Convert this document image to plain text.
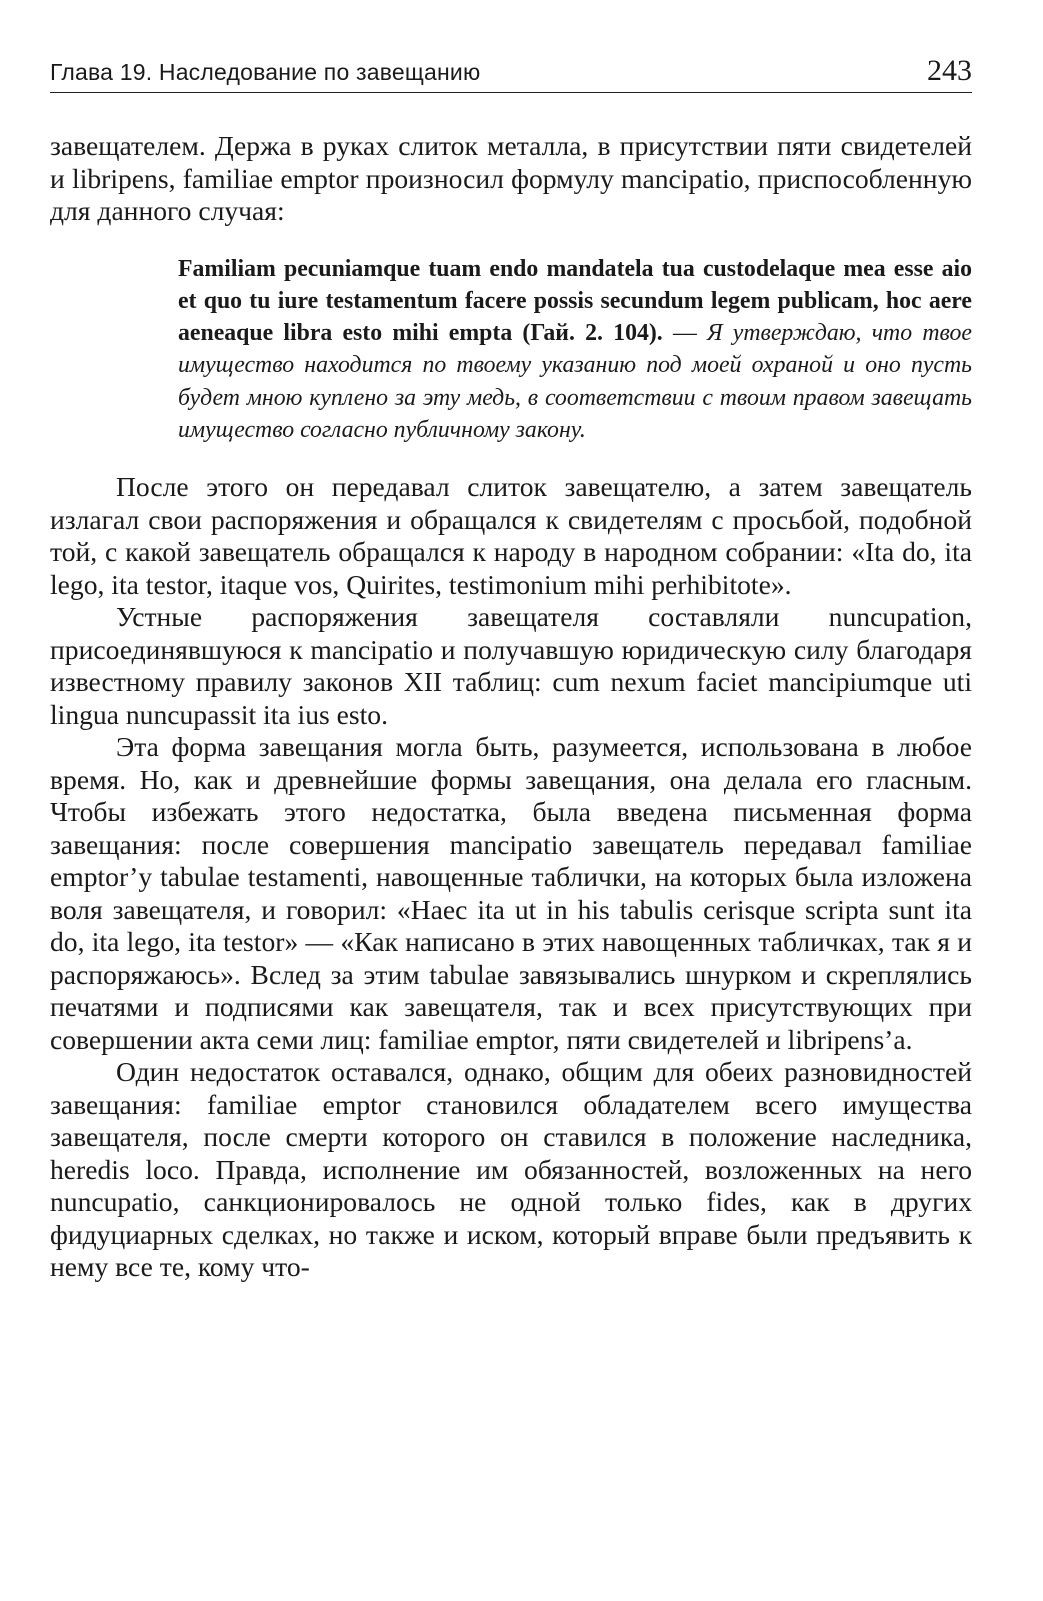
Глава 19. Наследование по завещанию	243

завещателем. Держа в руках слиток металла, в присутствии пяти свидетелей и libripens, familiae emptor произносил формулу mancipatio, приспособленную для данного случая:

Familiam pecuniamque tuam endo mandatela tua custodelaque mea esse aio et quo tu iure testamentum facere possis secundum legem publicam, hoc aere aeneaque libra esto mihi empta (Гай. 2. 104). — Я утверждаю, что твое имущество находится по твоему указанию под моей охраной и оно пусть будет мною куплено за эту медь, в соответствии с твоим правом завещать имущество согласно публичному закону.

После этого он передавал слиток завещателю, а затем завещатель излагал свои распоряжения и обращался к свидетелям с просьбой, подобной той, с какой завещатель обращался к народу в народном собрании: «Ita do, ita lego, ita testor, itaque vos, Quirites, testimonium mihi perhibitote».

Устные распоряжения завещателя составляли nuncupation, присоединявшуюся к mancipatio и получавшую юридическую силу благодаря известному правилу законов XII таблиц: cum nexum faciet mancipiumque uti lingua nuncupassit ita ius esto.

Эта форма завещания могла быть, разумеется, использована в любое время. Но, как и древнейшие формы завещания, она делала его гласным. Чтобы избежать этого недостатка, была введена письменная форма завещания: после совершения mancipatio завещатель передавал familiae emptor’y tabulae testamenti, навощенные таблички, на которых была изложена воля завещателя, и говорил: «Haec ita ut in his tabulis cerisque scripta sunt ita do, ita lego, ita testor» — «Как написано в этих навощенных табличках, так я и распоряжаюсь». Вслед за этим tabulae завязывались шнурком и скреплялись печатями и подписями как завещателя, так и всех присутствующих при совершении акта семи лиц: familiae emptor, пяти свидетелей и libripens’a.

Один недостаток оставался, однако, общим для обеих разновидностей завещания: familiae emptor становился обладателем всего имущества завещателя, после смерти которого он ставился в положение наследника, heredis loco. Правда, исполнение им обязанностей, возложенных на него nuncupatio, санкционировалось не одной только fides, как в других фидуциарных сделках, но также и иском, который вправе были предъявить к нему все те, кому что-
